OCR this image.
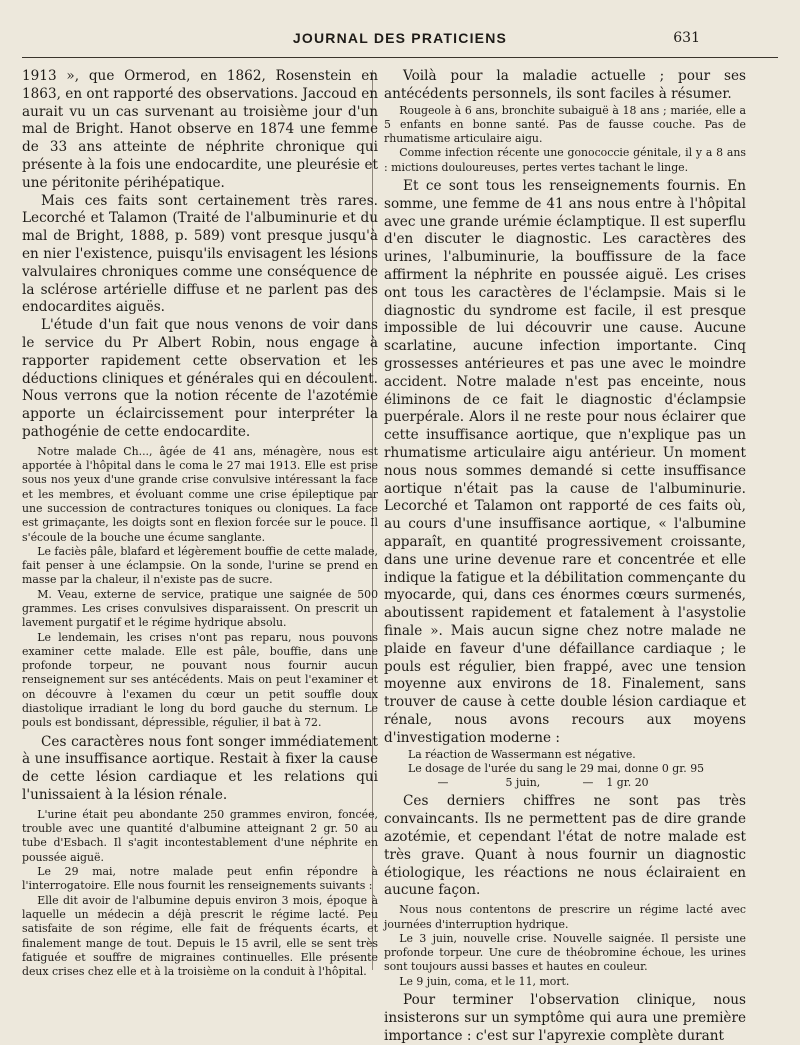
JOURNAL DES PRATICIENS	631

1913 », que Ormerod, en 1862, Rosenstein en 1863, en ont rapporté des observations. Jaccoud en aurait vu un cas survenant au troisième jour d'un mal de Bright. Hanot observe en 1874 une femme de 33 ans atteinte de néphrite chronique qui présente à la fois une endocardite, une pleurésie et une péritonite périhépatique.

Mais ces faits sont certainement très rares. Lecorché et Talamon (Traité de l'albuminurie et du mal de Bright, 1888, p. 589) vont presque jusqu'à en nier l'existence, puisqu'ils envisagent les lésions valvulaires chroniques comme une conséquence de la sclérose artérielle diffuse et ne parlent pas des endocardites aiguës.

L'étude d'un fait que nous venons de voir dans le service du Pr Albert Robin, nous engage à rapporter rapidement cette observation et les déductions cliniques et générales qui en découlent. Nous verrons que la notion récente de l'azotémie apporte un éclaircissement pour interpréter la pathogénie de cette endocardite.

Notre malade Ch..., âgée de 41 ans, ménagère, nous est apportée à l'hôpital dans le coma le 27 mai 1913. Elle est prise sous nos yeux d'une grande crise convulsive intéressant la face et les membres, et évoluant comme une crise épileptique par une succession de contractures toniques ou cloniques. La face est grimaçante, les doigts sont en flexion forcée sur le pouce. Il s'écoule de la bouche une écume sanglante.

Le faciès pâle, blafard et légèrement bouffie de cette malade, fait penser à une éclampsie. On la sonde, l'urine se prend en masse par la chaleur, il n'existe pas de sucre.

M. Veau, externe de service, pratique une saignée de 500 grammes. Les crises convulsives disparaissent. On prescrit un lavement purgatif et le régime hydrique absolu.

Le lendemain, les crises n'ont pas reparu, nous pouvons examiner cette malade. Elle est pâle, bouffie, dans une profonde torpeur, ne pouvant nous fournir aucun renseignement sur ses antécédents. Mais on peut l'examiner et on découvre à l'examen du cœur un petit souffle doux diastolique irradiant le long du bord gauche du sternum. Le pouls est bondissant, dépressible, régulier, il bat à 72.

Ces caractères nous font songer immédiatement à une insuffisance aortique. Restait à fixer la cause de cette lésion cardiaque et les relations qui l'unissaient à la lésion rénale.

L'urine était peu abondante 250 grammes environ, foncée, trouble avec une quantité d'albumine atteignant 2 gr. 50 au tube d'Esbach. Il s'agit incontestablement d'une néphrite en poussée aiguë.

Le 29 mai, notre malade peut enfin répondre à l'interrogatoire. Elle nous fournit les renseignements suivants :

Elle dit avoir de l'albumine depuis environ 3 mois, époque à laquelle un médecin a déjà prescrit le régime lacté. Peu satisfaite de son régime, elle fait de fréquents écarts, et finalement mange de tout. Depuis le 15 avril, elle se sent très fatiguée et souffre de migraines continuelles. Elle présente deux crises chez elle et à la troisième on la conduit à l'hôpital.

Voilà pour la maladie actuelle ; pour ses antécédents personnels, ils sont faciles à résumer.

Rougeole à 6 ans, bronchite subaiguë à 18 ans ; mariée, elle a 5 enfants en bonne santé. Pas de fausse couche. Pas de rhumatisme articulaire aigu.

Comme infection récente une gonococcie génitale, il y a 8 ans : mictions douloureuses, pertes vertes tachant le linge.

Et ce sont tous les renseignements fournis. En somme, une femme de 41 ans nous entre à l'hôpital avec une grande urémie éclamptique. Il est superflu d'en discuter le diagnostic. Les caractères des urines, l'albuminurie, la bouffissure de la face affirment la néphrite en poussée aiguë. Les crises ont tous les caractères de l'éclampsie. Mais si le diagnostic du syndrome est facile, il est presque impossible de lui découvrir une cause. Aucune scarlatine, aucune infection importante. Cinq grossesses antérieures et pas une avec le moindre accident. Notre malade n'est pas enceinte, nous éliminons de ce fait le diagnostic d'éclampsie puerpérale. Alors il ne reste pour nous éclairer que cette insuffisance aortique, que n'explique pas un rhumatisme articulaire aigu antérieur. Un moment nous nous sommes demandé si cette insuffisance aortique n'était pas la cause de l'albuminurie. Lecorché et Talamon ont rapporté de ces faits où, au cours d'une insuffisance aortique, « l'albumine apparaît, en quantité progressivement croissante, dans une urine devenue rare et concentrée et elle indique la fatigue et la débilitation commençante du myocarde, qui, dans ces énormes cœurs surmenés, aboutissent rapidement et fatalement à l'asystolie finale ». Mais aucun signe chez notre malade ne plaide en faveur d'une défaillance cardiaque ; le pouls est régulier, bien frappé, avec une tension moyenne aux environs de 18. Finalement, sans trouver de cause à cette double lésion cardiaque et rénale, nous avons recours aux moyens d'investigation moderne :

La réaction de Wassermann est négative.

Le dosage de l'urée du sang le 29 mai, donne 0 gr. 95

—	5 juin,	— 1 gr. 20

Ces derniers chiffres ne sont pas très convaincants. Ils ne permettent pas de dire grande azotémie, et cependant l'état de notre malade est très grave. Quant à nous fournir un diagnostic étiologique, les réactions ne nous éclairaient en aucune façon.

Nous nous contentons de prescrire un régime lacté avec journées d'interruption hydrique.

Le 3 juin, nouvelle crise. Nouvelle saignée. Il persiste une profonde torpeur. Une cure de théobromine échoue, les urines sont toujours aussi basses et hautes en couleur.

Le 9 juin, coma, et le 11, mort.

Pour terminer l'observation clinique, nous insisterons sur un symptôme qui aura une première importance : c'est sur l'apyrexie complète durant
